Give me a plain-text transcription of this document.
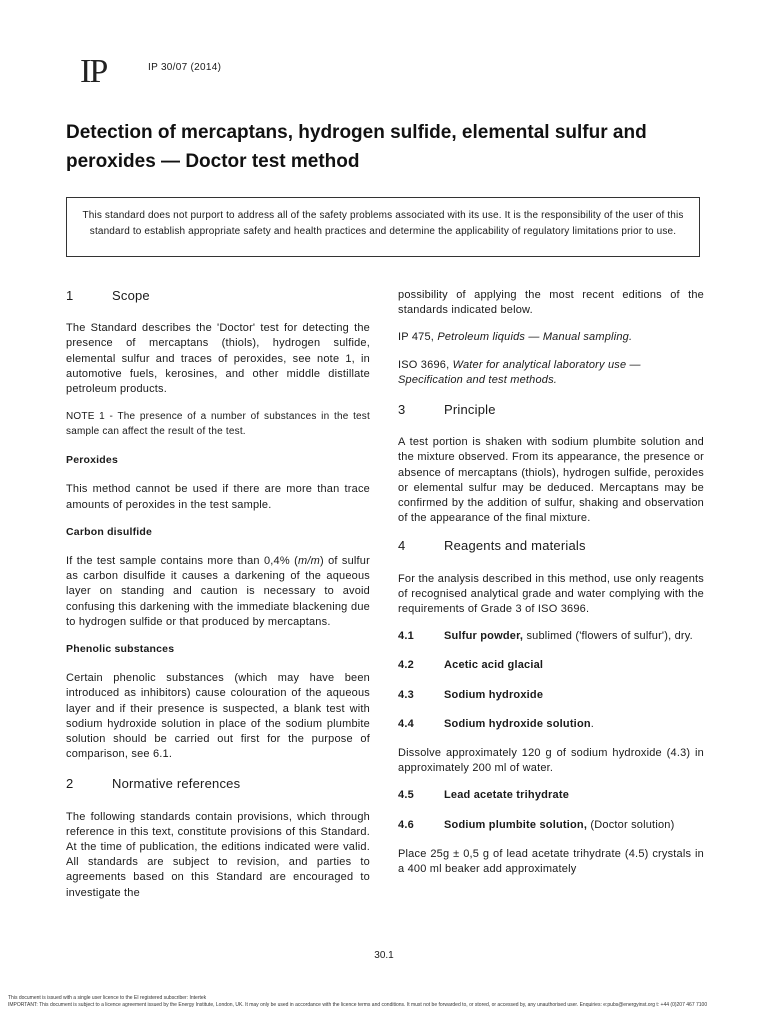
IP	IP 30/07 (2014)
Detection of mercaptans, hydrogen sulfide, elemental sulfur and peroxides — Doctor test method
This standard does not purport to address all of the safety problems associated with its use. It is the responsibility of the user of this standard to establish appropriate safety and health practices and determine the applicability of regulatory limitations prior to use.
1	Scope

The Standard describes the 'Doctor' test for detecting the presence of mercaptans (thiols), hydrogen sulfide, elemental sulfur and traces of peroxides, see note 1, in automotive fuels, kerosines, and other middle distillate petroleum products.

NOTE 1 - The presence of a number of substances in the test sample can affect the result of the test.
Peroxides

This method cannot be used if there are more than trace amounts of peroxides in the test sample.

Carbon disulfide

If the test sample contains more than 0,4% (m/m) of sulfur as carbon disulfide it causes a darkening of the aqueous layer on standing and caution is necessary to avoid confusing this darkening with the immediate blackening due to hydrogen sulfide or that produced by mercaptans.

Phenolic substances

Certain phenolic substances (which may have been introduced as inhibitors) cause colouration of the aqueous layer and if their presence is suspected, a blank test with sodium hydroxide solution in place of the sodium plumbite solution should be carried out first for the purpose of comparison, see 6.1.

2	Normative references

The following standards contain provisions, which through reference in this text, constitute provisions of this Standard. At the time of publication, the editions indicated were valid. All standards are subject to revision, and parties to agreements based on this Standard are encouraged to investigate the

possibility of applying the most recent editions of the standards indicated below.

IP 475, Petroleum liquids — Manual sampling.

ISO 3696, Water for analytical laboratory use — Specification and test methods.

3	Principle

A test portion is shaken with sodium plumbite solution and the mixture observed. From its appearance, the presence or absence of mercaptans (thiols), hydrogen sulfide, peroxides or elemental sulfur may be deduced. Mercaptans may be confirmed by the addition of sulfur, shaking and observation of the appearance of the final mixture.

4	Reagents and materials

For the analysis described in this method, use only reagents of recognised analytical grade and water complying with the requirements of Grade 3 of ISO 3696.

4.1	Sulfur powder, sublimed ('flowers of sulfur'), dry.
4.2	Acetic acid glacial
4.3	Sodium hydroxide
4.4	Sodium hydroxide solution.

Dissolve approximately 120 g of sodium hydroxide (4.3) in approximately 200 ml of water.

4.5	Lead acetate trihydrate
4.6	Sodium plumbite solution, (Doctor solution)

Place 25g ± 0,5 g of lead acetate trihydrate (4.5) crystals in a 400 ml beaker add approximately

30.1
This document is issued with a single user licence to the EI registered subscriber: Intertek
IMPORTANT: This document is subject to a licence agreement issued by the Energy Institute, London, UK. It may only be used in accordance with the licence terms and conditions. It must not be forwarded to, or stored, or accessed by, any unauthorised user. Enquiries: e:pubs@energyinst.org t: +44 (0)207 467 7100
